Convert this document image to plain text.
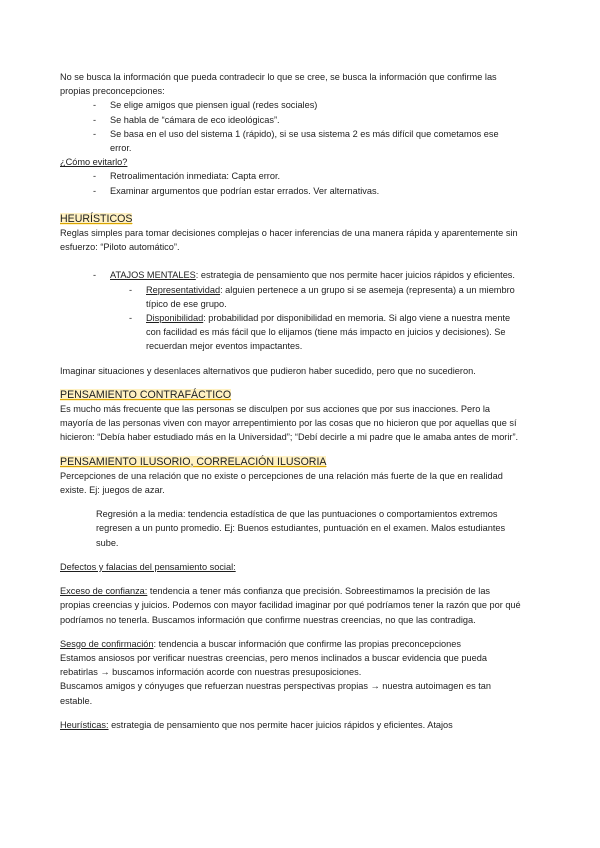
No se busca la información que pueda contradecir lo que se cree, se busca la información que confirme las propias preconcepciones:

- Se elige amigos que piensen igual (redes sociales)
- Se habla de “cámara de eco ideológicas”.
- Se basa en el uso del sistema 1 (rápido), si se usa sistema 2 es más difícil que cometamos ese error.

¿Cómo evitarlo?

- Retroalimentación inmediata: Capta error.
- Examinar argumentos que podrían estar errados. Ver alternativas.

HEURÍSTICOS

Reglas simples para tomar decisiones complejas o hacer inferencias de una manera rápida y aparentemente sin esfuerzo: “Piloto automático”.

- ATAJOS MENTALES: estrategia de pensamiento que nos permite hacer juicios rápidos y eficientes.
- Representatividad: alguien pertenece a un grupo si se asemeja (representa) a un miembro típico de ese grupo.
- Disponibilidad: probabilidad por disponibilidad en memoria. Si algo viene a nuestra mente con facilidad es más fácil que lo elijamos (tiene más impacto en juicios y decisiones). Se recuerdan mejor eventos impactantes.

Imaginar situaciones y desenlaces alternativos que pudieron haber sucedido, pero que no sucedieron.

PENSAMIENTO CONTRAFÁCTICO

Es mucho más frecuente que las personas se disculpen por sus acciones que por sus inacciones. Pero la mayoría de las personas viven con mayor arrepentimiento por las cosas que no hicieron que por aquellas que sí hicieron: “Debía haber estudiado más en la Universidad”; “Debí decirle a mi padre que le amaba antes de morir”.

PENSAMIENTO ILUSORIO, CORRELACIÓN ILUSORIA

Percepciones de una relación que no existe o percepciones de una relación más fuerte de la que en realidad existe. Ej: juegos de azar.

Regresión a la media: tendencia estadística de que las puntuaciones o comportamientos extremos regresen a un punto promedio. Ej: Buenos estudiantes, puntuación en el examen. Malos estudiantes sube.

Defectos y falacias del pensamiento social:

Exceso de confianza: tendencia a tener más confianza que precisión. Sobreestimamos la precisión de las propias creencias y juicios. Podemos con mayor facilidad imaginar por qué podríamos tener la razón que por qué podríamos no tenerla. Buscamos información que confirme nuestras creencias, no que las contradiga.

Sesgo de confirmación: tendencia a buscar información que confirme las propias preconcepciones

Estamos ansiosos por verificar nuestras creencias, pero menos inclinados a buscar evidencia que pueda rebatirlas → buscamos información acorde con nuestras presuposiciones.

Buscamos amigos y cónyuges que refuerzan nuestras perspectivas propias → nuestra autoimagen es tan estable.

Heurísticas: estrategia de pensamiento que nos permite hacer juicios rápidos y eficientes. Atajos
